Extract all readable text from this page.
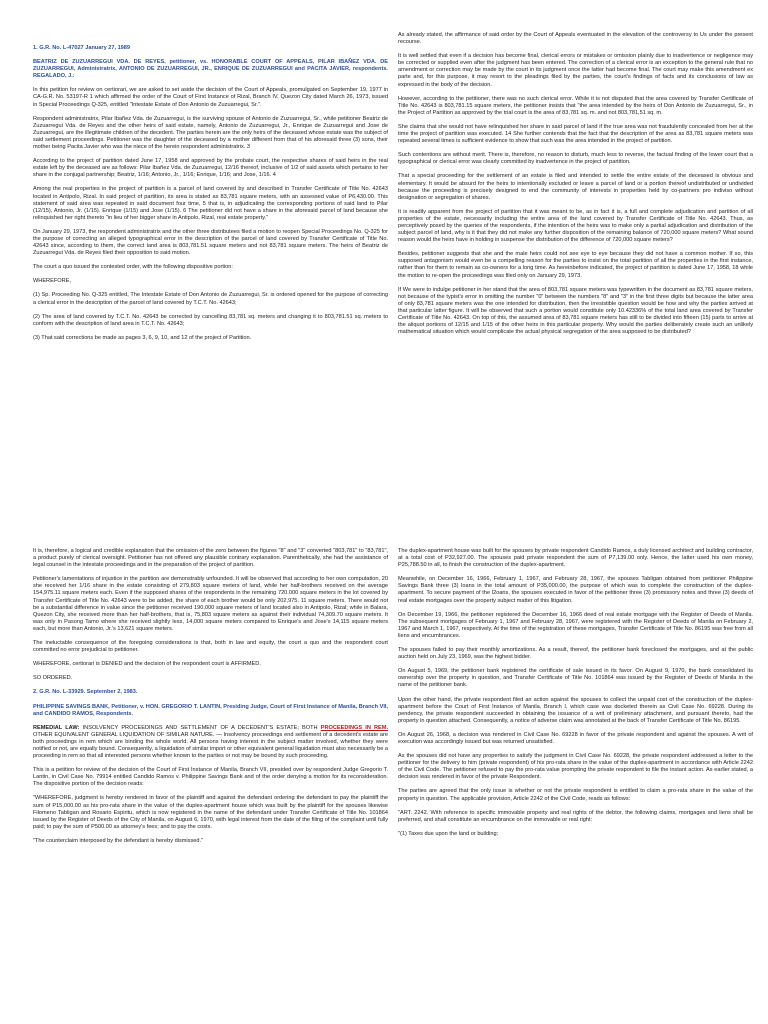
1. G.R. No. L-47027 January 27, 1989

BEATRIZ DE ZUZUARREGUI VDA. DE REYES, petitioner, vs. HONORABLE COURT OF APPEALS, PILAR IBAÑEZ VDA. DE ZUZUARREGUI, Administratrix, ANTONIO DE ZUZUARREGUI, JR., ENRIQUE DE ZUZUARREGUI and PACITA JAVIER, respondents. REGALADO, J.:

In this petition for review on certiorari, we are asked to set aside the decision of the Court of Appeals, promulgated on September 19, 1977 in CA-G.R. No. 53197-R 1 which affirmed the order of the Court of First Instance of Rizal, Branch IV, Quezon City dated March 26, 1973, issued in Special Proceedings Q-325, entitled "Intestate Estate of Don Antonio de Zuzuarregui, Sr.".

Respondent administratrix, Pilar Ibañez Vda. de Zuzuarregui, is the surviving spouse of Antonio de Zuzuarregui, Sr., while petitioner Beatriz de Zuzuarregui Vda. de Reyes and the other heirs of said estate, namely, Antonio de Zuzuarregui, Jr., Enrique de Zuzuarregui and Jose de Zuzuarregui, are the illegitimate children of the decedent. The parties herein are the only heirs of the deceased whose estate was the subject of said settlement proceedings. Petitioner was the daughter of the deceased by a mother different from that of his aforesaid three (3) sons, their mother being Pacita Javier who was the niece of the herein respondent administratrix. 3

According to the project of partition dated June 17, 1958 and approved by the probate court, the respective shares of said heirs in the real estate left by the deceased are as follows: Pilar Ibañez Vda. de Zuzuarregui, 12/16 thereof, inclusive of 1/2 of said assets which pertains to her share in the conjugal partnership; Beatriz, 1/16; Antonio, Jr., 1/16; Enrique, 1/16; and Jose, 1/16. 4

Among the real properties in the project of partition is a parcel of land covered by and described in Transfer Certificate of Title No. 42643 located in Antipolo, Rizal. In said project of partition, its area is stated as 83,781 square meters, with an assessed value of P6,430.00. This statement of said area was repeated in said document four time, 5 that is, in adjudicating the corresponding portions of said land to Pilar (12/15), Antonio, Jr. (1/15). Enrique (1/15) and Jose (1/15). 6 The petitioner did not have a share in the aforesaid parcel of land because she relinquished her right thereto "in lieu of her bigger share in Antipolo, Rizal, real estate property."

On January 29, 1973, the respondent administratrix and the other three distributees filed a motion to reopen Special Proceedings No. Q-325 for the purpose of correcting an alleged typographical error in the description of the parcel of land covered by Transfer Certificate of Title No. 42643 since, according to them, the correct land area is 803,781.51 square meters and not 83,781 square meters. The heirs of Beatriz de Zuzuarregui Vda. de Reyes filed their opposition to said motion.

The court a quo issued the contested order, with the following dispositive portion:

WHEREFORE,

(1) Sp. Proceeding No. Q-325 entitled, The Intestate Estate of Don Antonio de Zuzuarregui, Sr. is ordered opened for the purpose of correcting a clerical error in the description of the parcel of land covered by T.C.T. No. 42643;

(2) The area of land covered by T.C.T. No. 42643 be corrected by cancelling 83,781 sq. meters and changing it to 803,781.51 sq. meters to conform with the description of land area in T.C.T. No. 42643;

(3) That said corrections be made as pages 3, 6, 9, 10, and 12 of the project of Partition.

As already stated, the affirmance of said order by the Court of Appeals eventuated in the elevation of the controversy to Us under the present recourse.

It is well settled that even if a decision has become final, clerical errors or mistakes or omission plainly due to inadvertence or negligence may be corrected or supplied even after the judgment has been entered. The correction of a clerical error is an exception to the general rule that no amendment or correction may be made by the court in its judgment once the latter had become final. The court may make this amendment ex parte and, for this purpose, it may resort to the pleadings filed by the parties, the court's findings of facts and its conclusions of law as expressed in the body of the decision.

However, according to the petitioner, there was no such clerical error. While it is not disputed that the area covered by Transfer Certificate of Title No. 42643 is 803,781.15 square meters, the petitioner insists that "the area intended by the heirs of Don Antonio de Zuzuarregui, Sr., in the Project of Partition as approved by the trial court is the area of 83,781 sq. m. and not 803,781,51 sq. m.

She claims that she would not have relinquished her share in said parcel of land if the true area was not fraudulently concealed from her at the time the project of partition was executed. 14 She further contends that the fact that the description of the area as 83,781 square meters was repeated several times is sufficient evidence to show that such was the area intended in the project of partition.

Such contentions are without merit. There is, therefore, no reason to disturb, much less to reverse, the factual finding of the lower court that a typographical or clerical error was clearly committed by inadvertence in the project of partition.

That a special proceeding for the settlement of an estate is filed and intended to settle the entire estate of the deceased is obvious and elementary. It would be absurd for the heirs to intentionally excluded or leave a parcel of land or a portion thereof undistributed or undivided because the proceeding is precisely designed to end the community of interests in properties held by co-partners pro indiviso without designation or segregation of shares.

It is readily apparent from the project of partition that it was meant to be, as in fact it is, a full and complete adjudication and partition of all properties of the estate, necessarily including the entire area of the land covered by Transfer Certificate of Title No. 42643. Thus, as perceptively posed by the queries of the respondents, if the intention of the heirs was to make only a partial adjudication and distribution of the subject parcel of land, why is it that they did not make any further disposition of the remaining balance of 720,000 square meters? What sound reason would the heirs have in holding in suspense the distribution of the difference of 720,000 square meters?

Besides, petitioner suggests that she and the male heirs could not see eye to eye because they did not have a common mother. If so, this supposed antagonism would even be a compelling reason for the parties to insist on the total partition of all the properties in the first instance, rather than for them to remain as co-owners for a long time. As hereinbefore indicated, the project of partition is dated June 17, 1958, 18 while the motion to re-open the proceedings was filed only on January 29, 1973.

If We were to indulge petitioner in her stand that the area of 803,781 square meters was typewritten in the document as 83,781 square meters, not because of the typist's error in omitting the number "0" between the numbers "8" and "3" in the first three digits but because the latter area of only 83,781 square meters was the one intended for distribution, then the irresistible question would be how and why the parties arrived at that particular latter figure. It will be observed that such a portion would constitute only 10.42336% of the total land area covered by Transfer Certificate of Title No. 42643. On top of this, the assumed area of 83,781 square meters has still to be divided into fifteen (15) parts to arrive at the aliquot portions of 12/15 and 1/15 of the other heirs in this particular property. Why would the parties deliberately create such an unlikely mathematical situation which would complicate the actual physical segregation of the area supposed to be distributed?

It is, therefore, a logical and credible explanation that the omission of the zero between the figures "8" and "3" converted "803,781" to "83,781", a product purely of clerical oversight. Petitioner has not offered any plausible contrary explanation. Parenthetically, she had the assistance of legal counsel in the intestate proceedings and in the preparation of the project of partition.

Petitioner's lamentations of injustice in the partition are demonstrably unfounded. It will be observed that according to her own computation, 20 she received her 1/16 share in the estate consisting of 279,803 square meters of land, while her half-brothers received on the average 154,975.11 square meters each. Even if the supposed shares of the respondents in the remaining 720.000 square meters in the lot covered by Transfer Certificate of Title No. 42643 were to be added, the share of each brother would be only 202,975. 11 square meters. There would not be a substantial difference in value since the petitioner received 190,000 square meters of land located also in Antipolo, Rizal; while in Balara, Quezon City, she received more than her half-brothers, that is, 75,803 square meters as against their individual 74,309.70 square meters. It was only in Pasong Tamo where she received slightly less, 14,000 square meters compared to Enrique's and Jose's 14,115 square meters each, but more than Antonio, Jr.'s 13,621 square meters.

The ineluctable consequence of the foregoing considerations is that, both in law and equity, the court a quo and the respondent court committed no error prejudicial to petitioner.

WHEREFORE, certiorari is DENIED and the decision of the respondent court is AFFIRMED.

SO ORDERED.

2. G.R. No. L-33929. September 2, 1983.

PHILIPPINE SAVINGS BANK, Petitioner, v. HON. GREGORIO T. LANTIN, Presiding Judge, Court of First Instance of Manila, Branch VII, and CANDIDO RAMOS, Respondents.

REMEDIAL LAW: INSOLVENCY PROCEEDINGS AND SETTLEMENT OF A DECEDENT'S ESTATE; BOTH PROCEEDINGS IN REM. OTHER EQUIVALENT GENERAL LIQUIDATION OF SIMILAR NATURE. — Insolvency proceedings end settlement of a decedent's estate are both proceedings in rem which are binding the whole world. All persons having interest in the subject matter involved, whether they were notified or not, are equally bound. Consequently, a liquidation of similar import or other equivalent general liquidation must also necessarily be a proceeding in rem so that all interested persons whether known to the parties or not may be bound by such proceeding.

This is a petition for review of the decision of the Court of First Instance of Manila, Branch VII, presided over by respondent Judge Gregorio T. Lantin, in Civil Case No. 79914 entitled Candido Ramos v. Philippine Savings Bank and of the order denying a motion for its reconsideration. The dispositive portion of the decision reads:

"WHEREFORE, judgment is hereby rendered in favor of the plaintiff and against the defendant ordering the defendant to pay the plaintiff the sum of P15,000.00 as his pro-rata share in the value of the duplex-apartment house which was built by the plaintiff for the spouses likewise Filomeno Tabligan and Rosario Espiritu, which is now registered in the name of the defendant under Transfer Certificate of Title No. 101864 issued by the Register of Deeds of the City of Manila, on August 6, 1970, with legal interest from the date of the filing of the complaint until fully paid; to pay the sum of P500.00 as attorney's fees; and to pay the costs.

"The counterclaim interposed by the defendant is hereby dismissed."

The duplex-apartment house was built for the spouses by private respondent Candido Ramos, a duly licensed architect and building contractor, at a total cost of P32,927.00. The spouses paid private respondent the sum of P7,139.00 only. Hence, the latter used his own money, P25,788.50 in all, to finish the construction of the duplex-apartment.

Meanwhile, on December 16, 1966, February 1, 1967, and February 28, 1967, the spouses Tabligan obtained from petitioner Philippine Savings Bank three (3) loans in the total amount of P35,000.00, the purpose of which was to complete the construction of the duplex-apartment. To secure payment of the l2oans, the spouses executed in favor of the petitioner three (3) promissory notes and three (3) deeds of real estate mortgages over the property subject matter of this litigation.

On December 19, 1966, the petitioner registered the December 16, 1966 deed of real estate mortgage with the Register of Deeds of Manila. The subsequent mortgages of February 1, 1967 and February 28, 1967, were registered with the Register of Deeds of Manila on February 2, 1967 and March 1, 1967, respectively. At the time of the registration of these mortgages, Transfer Certificate of Title No. 86195 was free from all liens and encumbrances.

The spouses failed to pay their monthly amortizations. As a result, thereof, the petitioner bank foreclosed the mortgages, and at the public auction held on July 23, 1969, was the highest bidder.

On August 5, 1969, the petitioner bank registered the certificate of sale issued in its favor. On August 9, 1970, the bank consolidated its ownership over the property in question, and Transfer Certificate of Title No. 101864 was issued by the Register of Deeds of Manila in the name of the petitioner bank.

Upon the other hand, the private respondent filed an action against the spouses to collect the unpaid cost of the construction of the duplex-apartment before the Court of First Instance of Manila, Branch I, which case was docketed therein as Civil Case No. 69228. During its pendency, the private respondent succeeded in obtaining the issuance of a writ of preliminary attachment, and pursuant thereto, had the property in question attached. Consequently, a notice of adverse claim was annotated at the back of Transfer Certificate of Title No. 86195.

On August 26, 1968, a decision was rendered in Civil Case No. 69228 in favor of the private respondent and against the spouses. A writ of execution was accordingly issued but was returned unsatisfied.

As the spouses did not have any properties to satisfy the judgment in Civil Case No. 69228, the private respondent addressed a letter to the petitioner for the delivery to him (private respondent) of his pro-rata share in the value of the duplex-apartment in accordance with Article 2242 of the Civil Code. The petitioner refused to pay the pro-rata value prompting the private respondent to file the instant action. As earlier stated, a decision was rendered in favor of the private Respondent.

The parties are agreed that the only issue is whether or not the private respondent is entitled to claim a pro-rata share in the value of the property in question. The applicable provision, Article 2242 of the Civil Code, reads as follows:

"ART. 2242. With reference to specific immovable property and real rights of the debtor, the following claims, mortgages and liens shall be preferred, and shall constitute an encumbrance on the immovable or real right:

"(1) Taxes due upon the land or building;
